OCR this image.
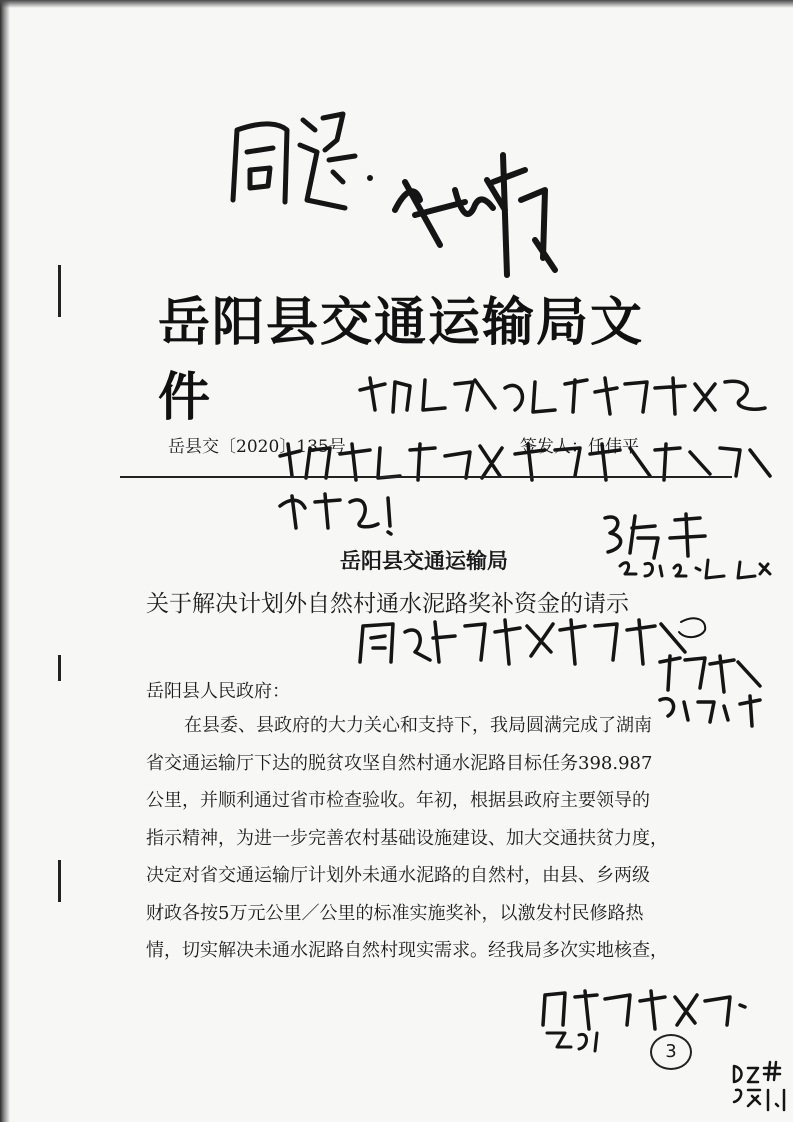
岳阳县交通运输局文件
岳县交〔2020〕135号	签发人：任伟平
岳阳县交通运输局
关于解决计划外自然村通水泥路奖补资金的请示
岳阳县人民政府：
在县委、县政府的大力关心和支持下，我局圆满完成了湖南
省交通运输厅下达的脱贫攻坚自然村通水泥路目标任务398.987
公里，并顺利通过省市检查验收。年初，根据县政府主要领导的
指示精神，为进一步完善农村基础设施建设、加大交通扶贫力度，
决定对省交通运输厅计划外未通水泥路的自然村，由县、乡两级
财政各按5万元公里／公里的标准实施奖补，以激发村民修路热
情，切实解决未通水泥路自然村现实需求。经我局多次实地核查，
3
